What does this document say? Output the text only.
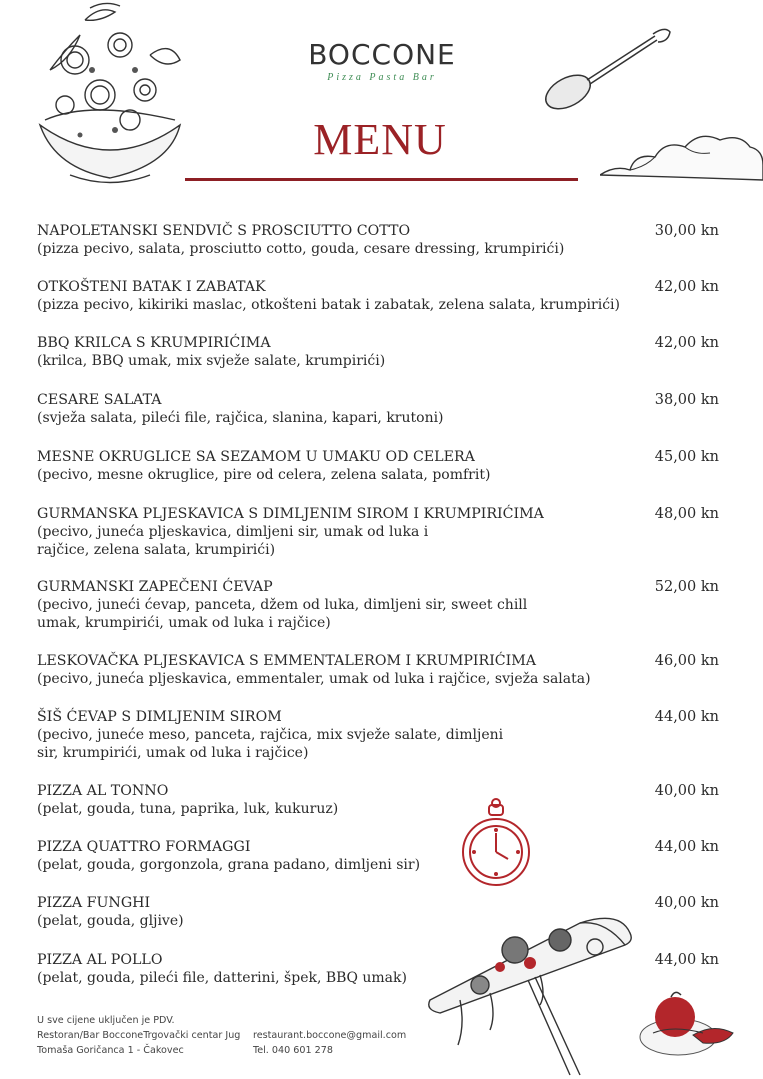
BOCCONE
Pizza Pasta Bar
MENU
NAPOLETANSKI SENDVIČ S PROSCIUTTO COTTO
(pizza pecivo, salata, prosciutto cotto, gouda, cesare dressing, krumpirići)
30,00 kn
OTKOŠTENI BATAK I ZABATAK
(pizza pecivo, kikiriki maslac, otkošteni batak i zabatak, zelena salata, krumpirići)
42,00 kn
BBQ KRILCA S KRUMPIRIĆIMA
(krilca, BBQ umak, mix svježe salate, krumpirići)
42,00 kn
CESARE SALATA
(svježa salata, pileći file, rajčica, slanina, kapari, krutoni)
38,00 kn
MESNE OKRUGLICE SA SEZAMOM U UMAKU OD CELERA
(pecivo, mesne okruglice, pire od celera, zelena salata, pomfrit)
45,00 kn
GURMANSKA PLJESKAVICA S DIMLJENIM SIROM I KRUMPIRIĆIMA
(pecivo, juneća pljeskavica, dimljeni sir, umak od luka i rajčice, zelena salata, krumpirići)
48,00 kn
GURMANSKI ZAPEČENI ĆEVAP
(pecivo, juneći ćevap, panceta, džem od luka, dimljeni sir, sweet chill umak, krumpirići, umak od luka i rajčice)
52,00 kn
LESKOVAČKA PLJESKAVICA S EMMENTALEROM I KRUMPIRIĆIMA
(pecivo, juneća pljeskavica, emmentaler, umak od luka i rajčice, svježa salata)
46,00 kn
ŠIŠ ĆEVAP S DIMLJENIM SIROM
(pecivo, juneće meso, panceta, rajčica, mix svježe salate, dimljeni sir, krumpirići, umak od luka i rajčice)
44,00 kn
PIZZA AL TONNO
(pelat, gouda, tuna, paprika, luk, kukuruz)
40,00 kn
PIZZA QUATTRO FORMAGGI
(pelat, gouda, gorgonzola, grana padano, dimljeni sir)
44,00 kn
PIZZA FUNGHI
(pelat, gouda, gljive)
40,00 kn
PIZZA AL POLLO
(pelat, gouda, pileći file, datterini, špek, BBQ umak)
44,00 kn
U sve cijene uključen je PDV.
Restoran/Bar BocconeTrgovački centar Jug
Tomaša Goričanca 1 - Čakovec
restaurant.boccone@gmail.com
Tel. 040 601 278
